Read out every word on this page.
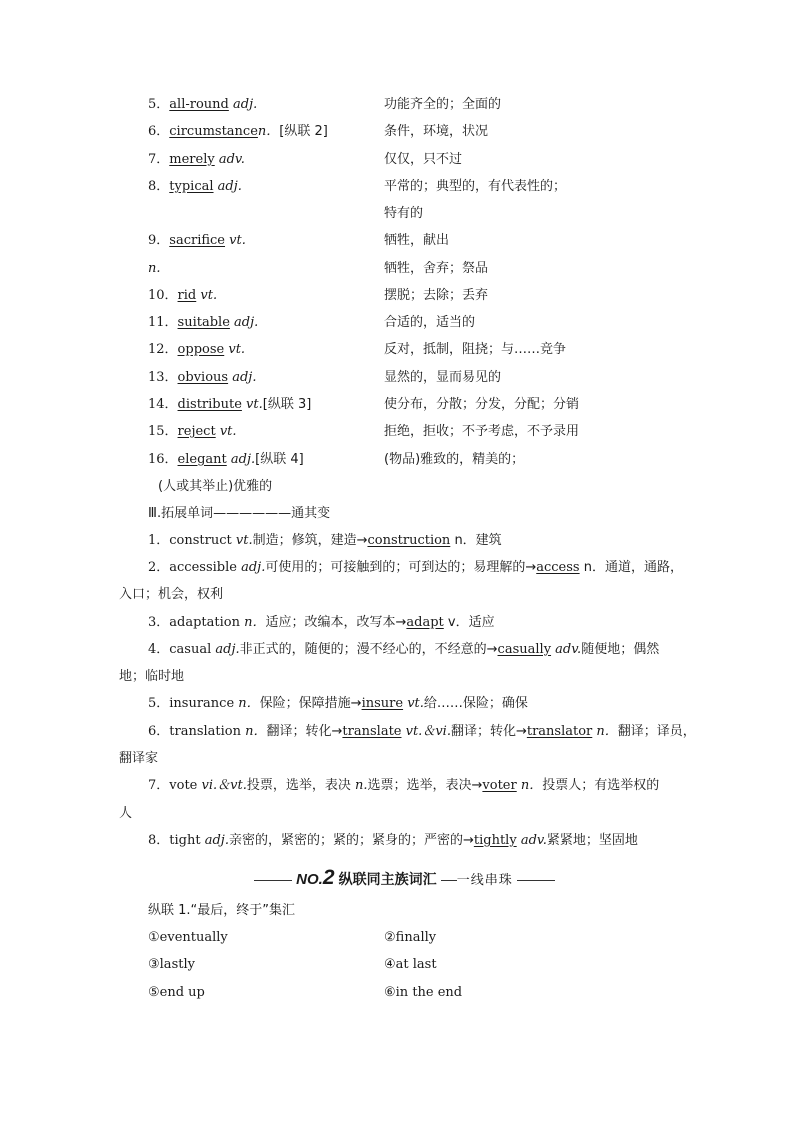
5．all-round adj.	功能齐全的；全面的
6．circumstancen．[纵联 2]	条件，环境，状况
7．merely adv.	仅仅，只不过
8．typical adj.	平常的；典型的，有代表性的；
特有的
9．sacrifice vt.	牺牲，献出
n.	牺牲，舍弃；祭品
10．rid vt.	摆脱；去除；丢弃
11．suitable adj.	合适的，适当的
12．oppose vt.	反对，抵制，阻挠；与……竞争
13．obvious adj.	显然的，显而易见的
14．distribute vt.[纵联 3]	使分布，分散；分发，分配；分销
15．reject vt.	拒绝，拒收；不予考虑，不予录用
16．elegant adj.[纵联 4]	(物品)雅致的，精美的；
(人或其举止)优雅的
Ⅲ.拓展单词——————通其变
1．construct vt.制造；修筑，建造→construction n．建筑
2．accessible adj.可使用的；可接触到的；可到达的；易理解的→access n．通道，通路，
入口；机会，权利
3．adaptation n．适应；改编本，改写本→adapt v．适应
4．casual adj.非正式的，随便的；漫不经心的，不经意的→casually adv.随便地；偶然
地；临时地
5．insurance n．保险；保障措施→insure vt.给……保险；确保
6．translation n．翻译；转化→translate vt.＆vi.翻译；转化→translator n．翻译；译员，
翻译家
7．vote vi.＆vt.投票，选举，表决 n.选票；选举，表决→voter n．投票人；有选举权的
人
8．tight adj.亲密的，紧密的；紧的；紧身的；严密的→tightly adv.紧紧地；坚固地
NO.2 纵联同主族词汇 一线串珠
纵联 1.“最后，终于”集汇
①eventually	②finally
③lastly	④at last
⑤end up	⑥in the end
